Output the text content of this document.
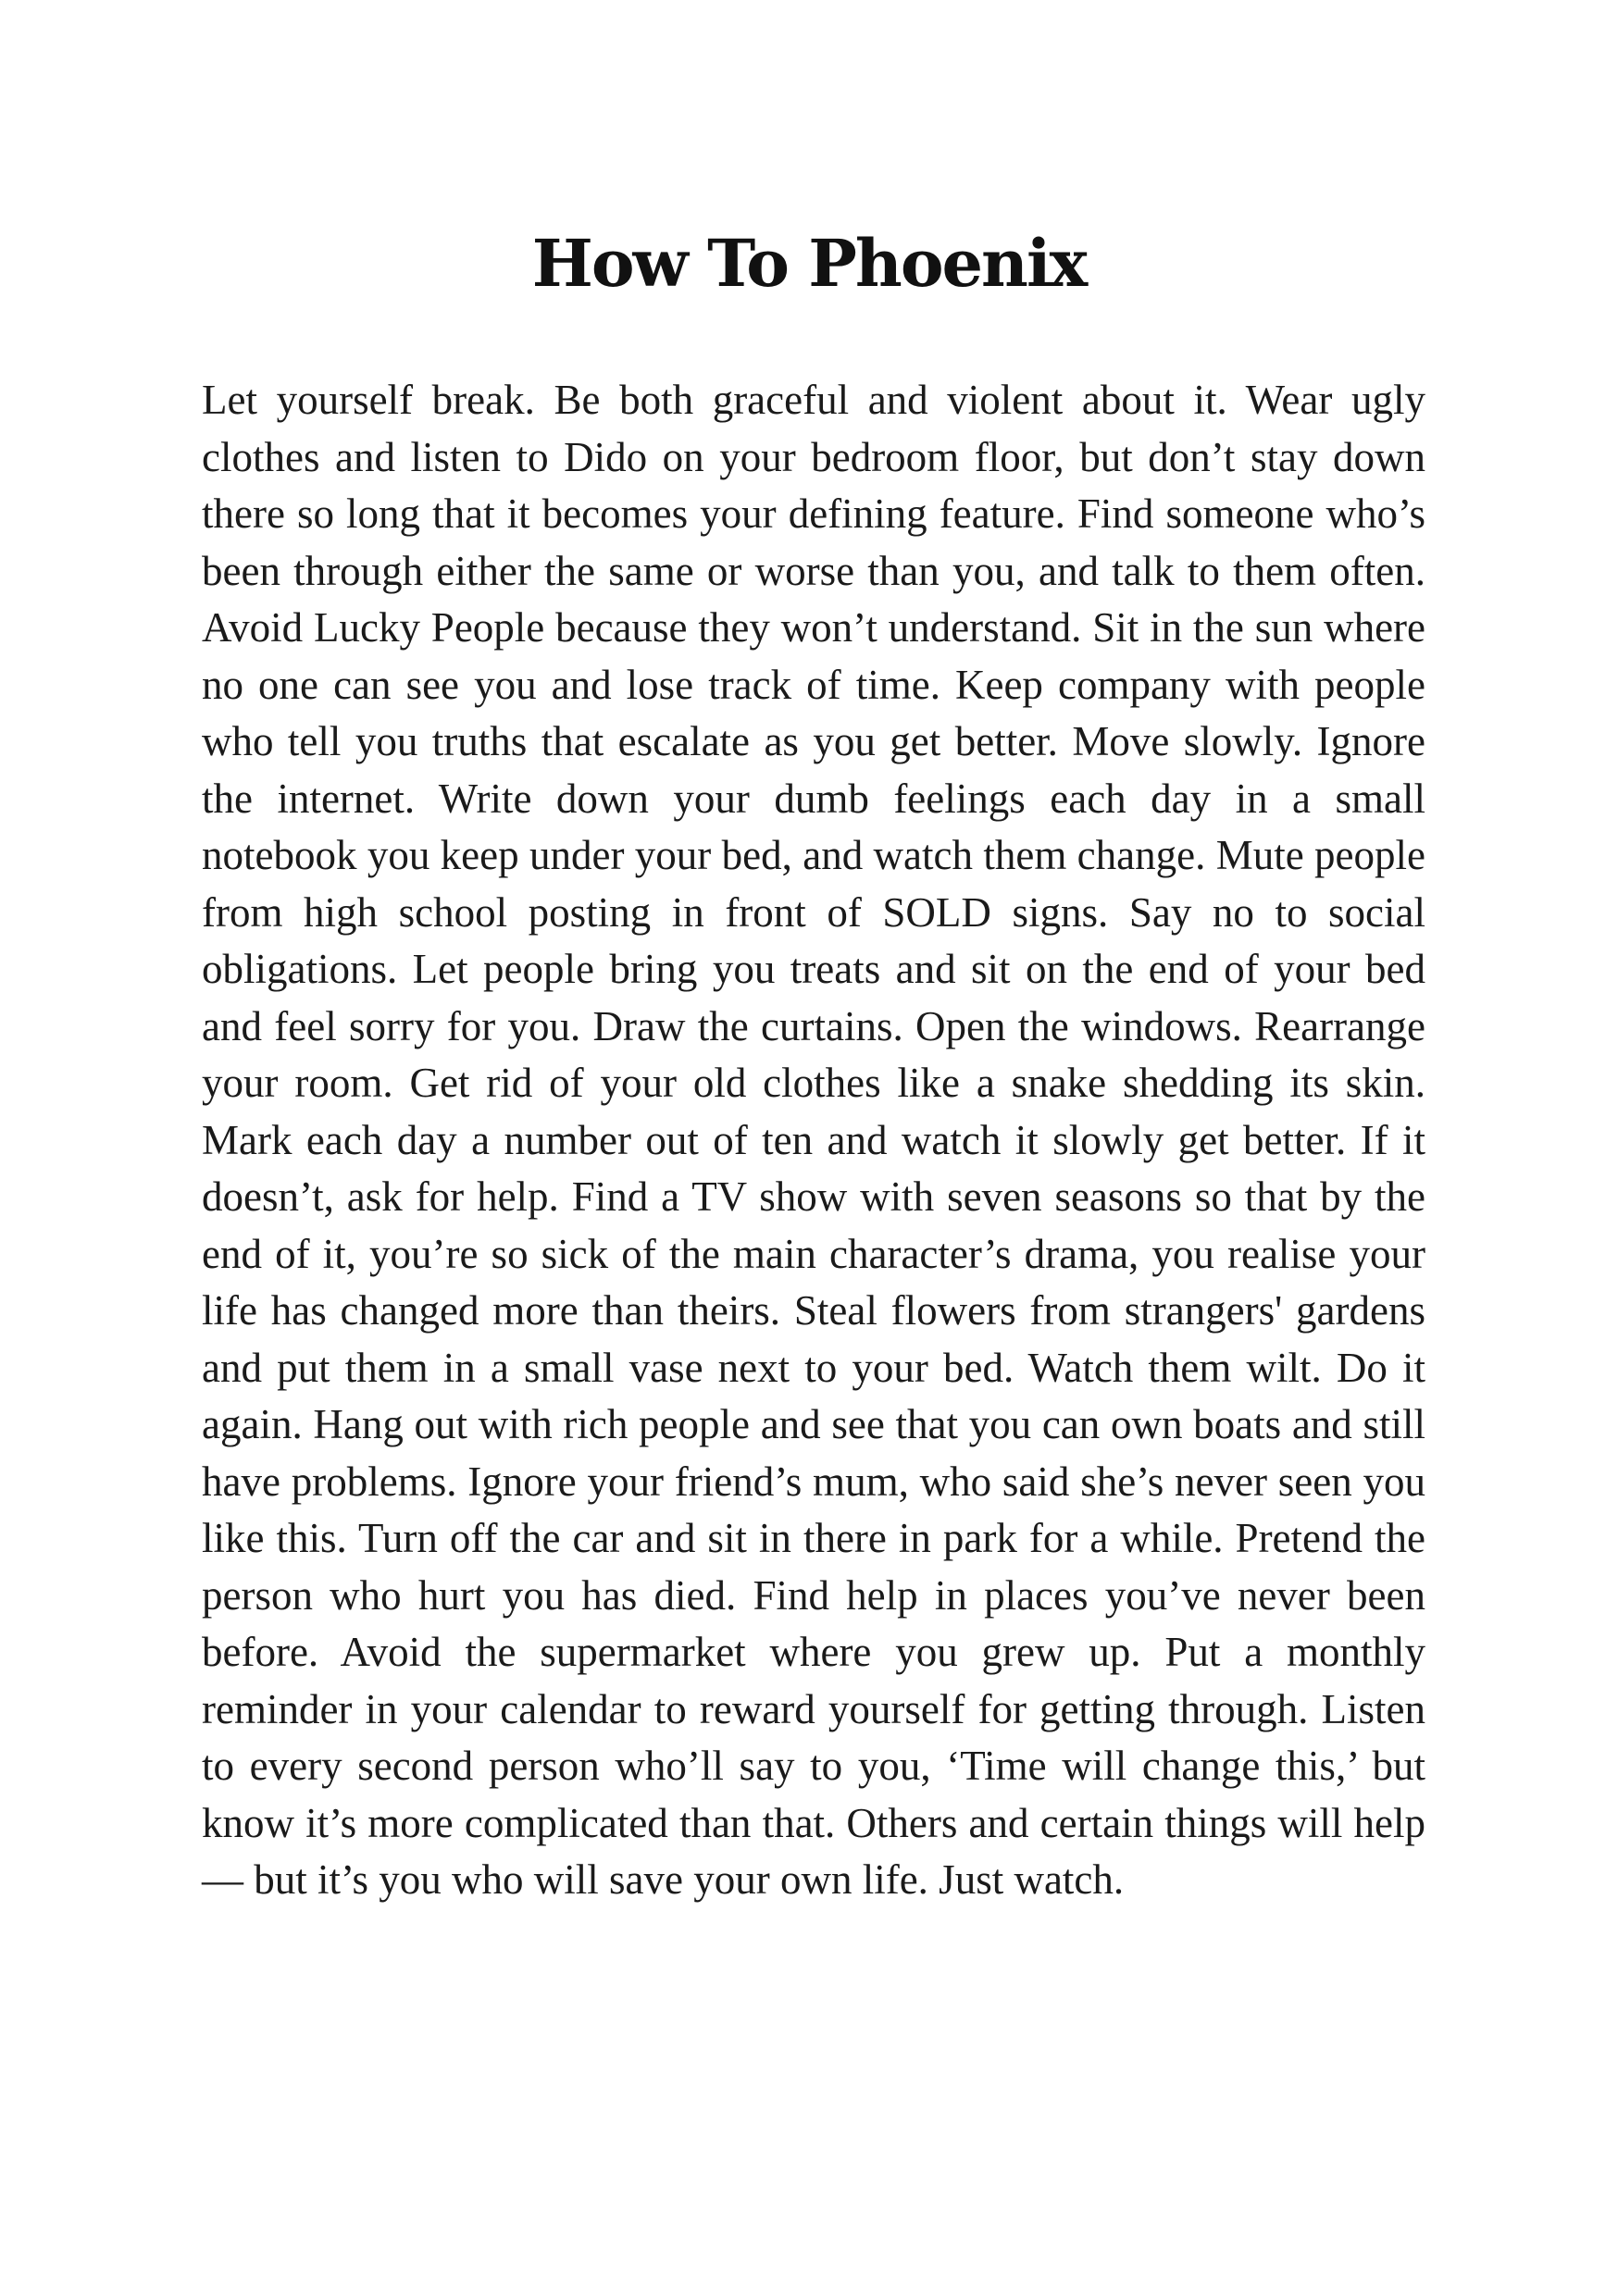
How To Phoenix

Let yourself break. Be both graceful and violent about it. Wear ugly clothes and listen to Dido on your bedroom floor, but don’t stay down there so long that it becomes your defining feature. Find someone who’s been through either the same or worse than you, and talk to them often. Avoid Lucky People because they won’t understand. Sit in the sun where no one can see you and lose track of time. Keep company with people who tell you truths that escalate as you get better. Move slowly. Ignore the internet. Write down your dumb feelings each day in a small notebook you keep under your bed, and watch them change. Mute people from high school posting in front of SOLD signs. Say no to social obligations. Let people bring you treats and sit on the end of your bed and feel sorry for you. Draw the curtains. Open the windows. Rearrange your room. Get rid of your old clothes like a snake shedding its skin. Mark each day a number out of ten and watch it slowly get better. If it doesn’t, ask for help. Find a TV show with seven seasons so that by the end of it, you’re so sick of the main character’s drama, you realise your life has changed more than theirs. Steal flowers from strangers' gardens and put them in a small vase next to your bed. Watch them wilt. Do it again. Hang out with rich people and see that you can own boats and still have problems. Ignore your friend’s mum, who said she’s never seen you like this. Turn off the car and sit in there in park for a while. Pretend the person who hurt you has died. Find help in places you’ve never been before. Avoid the supermarket where you grew up. Put a monthly reminder in your calendar to reward yourself for getting through. Listen to every second person who’ll say to you, ‘Time will change this,’ but know it’s more complicated than that. Others and certain things will help — but it’s you who will save your own life. Just watch.
